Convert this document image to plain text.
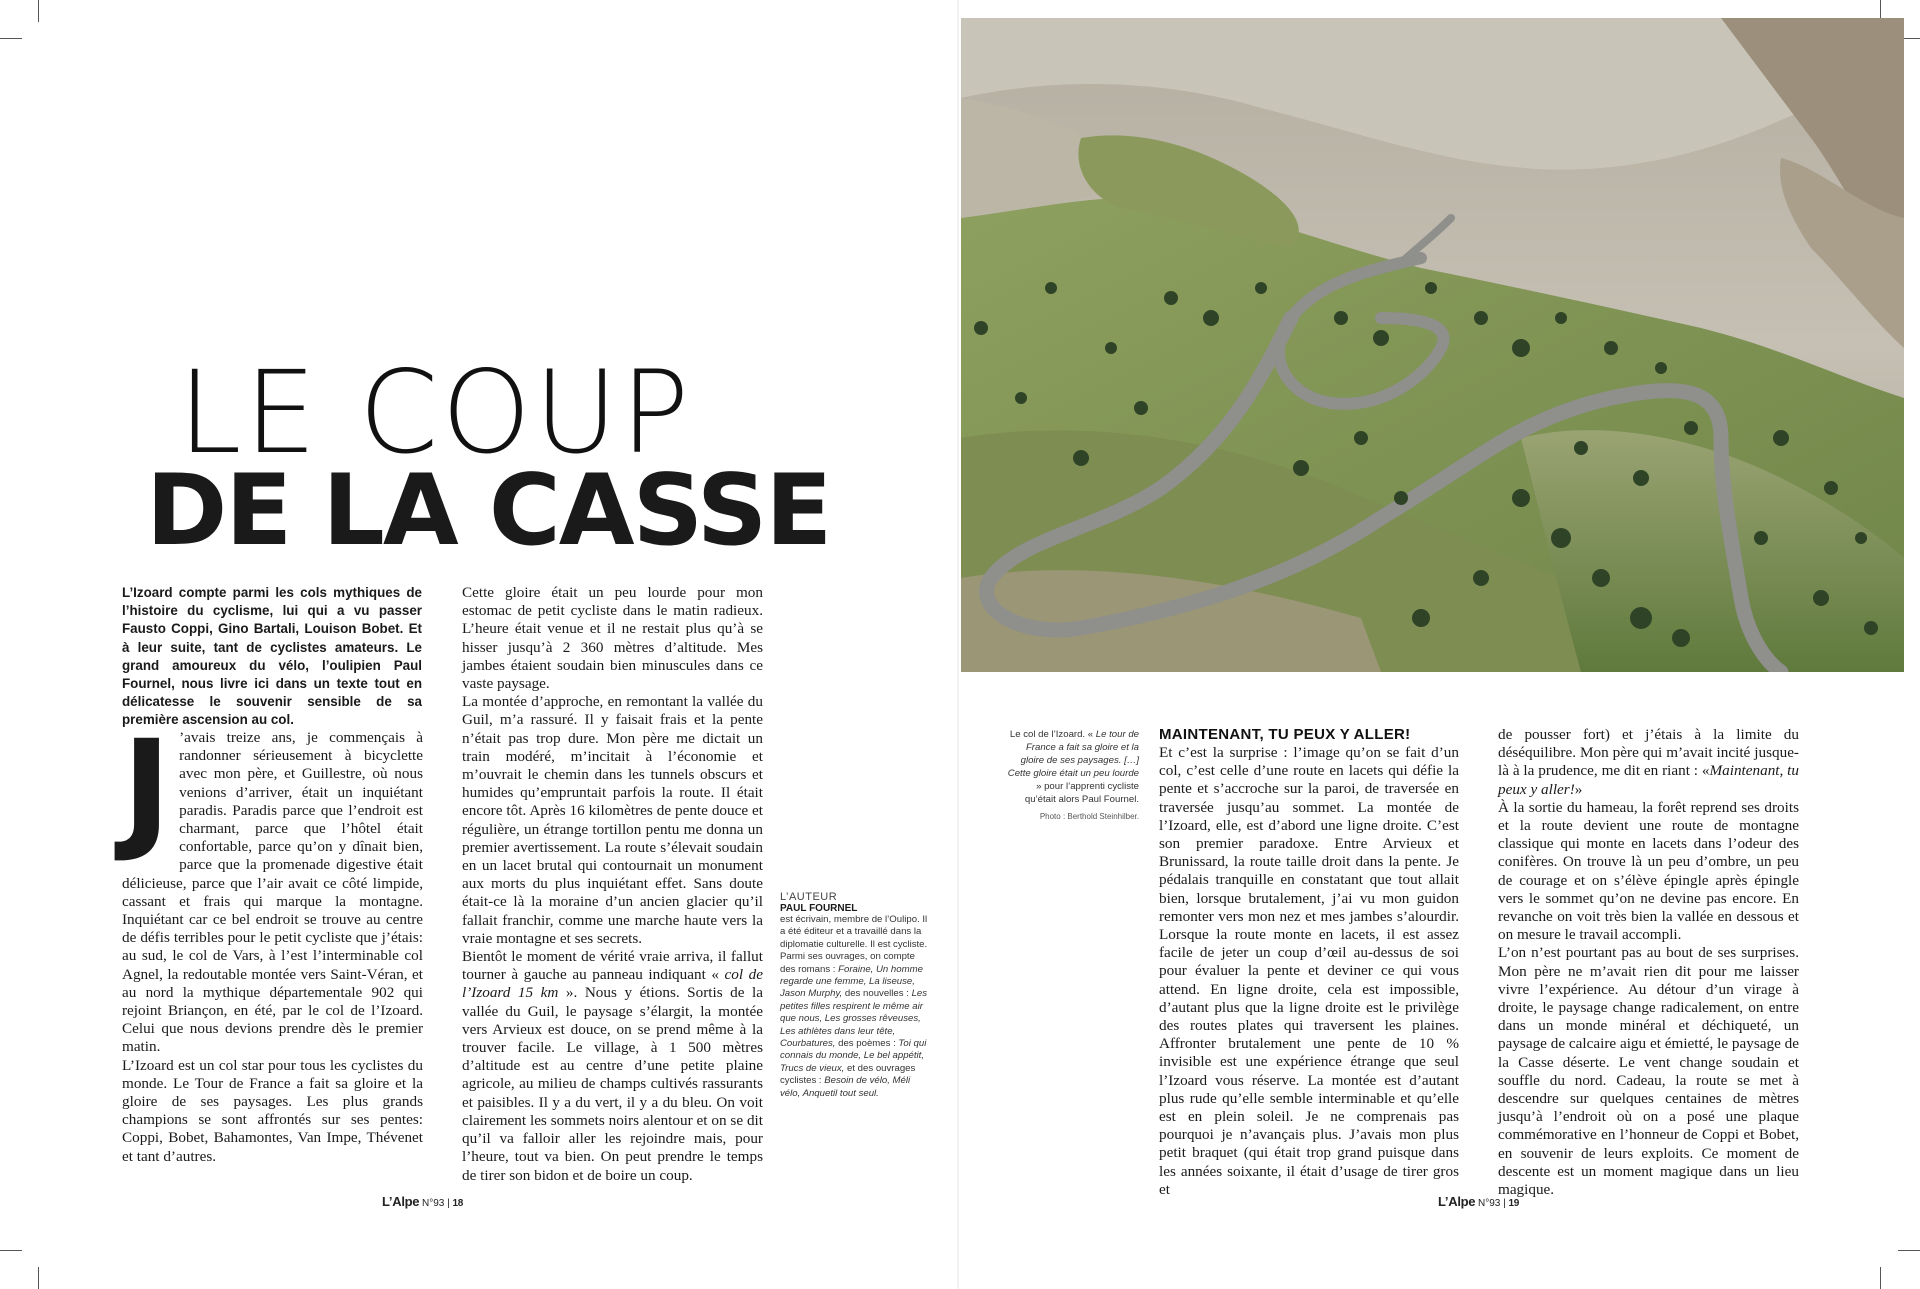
LE COUP
DE LA CASSE
L’Izoard compte parmi les cols mythiques de l’histoire du cyclisme, lui qui a vu passer Fausto Coppi, Gino Bartali, Louison Bobet. Et à leur suite, tant de cyclistes amateurs. Le grand amoureux du vélo, l’oulipien Paul Fournel, nous livre ici dans un texte tout en délicatesse le souvenir sensible de sa première ascension au col.

J ’avais treize ans, je commençais à randonner sérieusement à bicyclette avec mon père, et Guillestre, où nous venions d’arriver, était un inquiétant paradis. Paradis parce que l’endroit est charmant, parce que l’hôtel était confortable, parce qu’on y dînait bien, parce que la promenade digestive était délicieuse, parce que l’air avait ce côté limpide, cassant et frais qui marque la montagne. Inquiétant car ce bel endroit se trouve au centre de défis terribles pour le petit cycliste que j’étais: au sud, le col de Vars, à l’est l’interminable col Agnel, la redoutable montée vers Saint-Véran, et au nord la mythique départementale 902 qui rejoint Briançon, en été, par le col de l’Izoard. Celui que nous devions prendre dès le premier matin.

L’Izoard est un col star pour tous les cyclistes du monde. Le Tour de France a fait sa gloire et la gloire de ses paysages. Les plus grands champions se sont affrontés sur ses pentes: Coppi, Bobet, Bahamontes, Van Impe, Thévenet et tant d’autres.

Cette gloire était un peu lourde pour mon estomac de petit cycliste dans le matin radieux. L’heure était venue et il ne restait plus qu’à se hisser jusqu’à 2 360 mètres d’altitude. Mes jambes étaient soudain bien minuscules dans ce vaste paysage.

La montée d’approche, en remontant la vallée du Guil, m’a rassuré. Il y faisait frais et la pente n’était pas trop dure. Mon père me dictait un train modéré, m’incitait à l’économie et m’ouvrait le chemin dans les tunnels obscurs et humides qu’empruntait parfois la route. Il était encore tôt. Après 16 kilomètres de pente douce et régulière, un étrange tortillon pentu me donna un premier avertissement. La route s’élevait soudain en un lacet brutal qui contournait un monument aux morts du plus inquiétant effet. Sans doute était-ce là la moraine d’un ancien glacier qu’il fallait franchir, comme une marche haute vers la vraie montagne et ses secrets.

Bientôt le moment de vérité vraie arriva, il fallut tourner à gauche au panneau indiquant « col de l’Izoard 15 km ». Nous y étions. Sortis de la vallée du Guil, le paysage s’élargit, la montée vers Arvieux est douce, on se prend même à la trouver facile. Le village, à 1 500 mètres d’altitude est au centre d’une petite plaine agricole, au milieu de champs cultivés rassurants et paisibles. Il y a du vert, il y a du bleu. On voit clairement les sommets noirs alentour et on se dit qu’il va falloir aller les rejoindre mais, pour l’heure, tout va bien. On peut prendre le temps de tirer son bidon et de boire un coup.

L’AUTEUR
PAUL FOURNEL
est écrivain, membre de l’Oulipo. Il a été éditeur et a travaillé dans la diplomatie culturelle. Il est cycliste. Parmi ses ouvrages, on compte des romans : Foraine, Un homme regarde une femme, La liseuse, Jason Murphy, des nouvelles : Les petites filles respirent le même air que nous, Les grosses rêveuses, Les athlètes dans leur tête, Courbatures, des poèmes : Toi qui connais du monde, Le bel appétit, Trucs de vieux, et des ouvrages cyclistes : Besoin de vélo, Méli vélo, Anquetil tout seul.
L’Alpe N°93 | 18
Le col de l’Izoard. « Le tour de France a fait sa gloire et la gloire de ses paysages. […] Cette gloire était un peu lourde » pour l’apprenti cycliste qu’était alors Paul Fournel.
Photo : Berthold Steinhilber.
MAINTENANT, TU PEUX Y ALLER!

Et c’est la surprise : l’image qu’on se fait d’un col, c’est celle d’une route en lacets qui défie la pente et s’accroche sur la paroi, de traversée en traversée jusqu’au sommet. La montée de l’Izoard, elle, est d’abord une ligne droite. C’est son premier paradoxe. Entre Arvieux et Brunissard, la route taille droit dans la pente. Je pédalais tranquille en constatant que tout allait bien, lorsque brutalement, j’ai vu mon guidon remonter vers mon nez et mes jambes s’alourdir. Lorsque la route monte en lacets, il est assez facile de jeter un coup d’œil au-dessus de soi pour évaluer la pente et deviner ce qui vous attend. En ligne droite, cela est impossible, d’autant plus que la ligne droite est le privilège des routes plates qui traversent les plaines. Affronter brutalement une pente de 10 % invisible est une expérience étrange que seul l’Izoard vous réserve. La montée est d’autant plus rude qu’elle semble interminable et qu’elle est en plein soleil. Je ne comprenais pas pourquoi je n’avançais plus. J’avais mon plus petit braquet (qui était trop grand puisque dans les années soixante, il était d’usage de tirer gros et

de pousser fort) et j’étais à la limite du déséquilibre. Mon père qui m’avait incité jusque-là à la prudence, me dit en riant : «Maintenant, tu peux y aller!»

À la sortie du hameau, la forêt reprend ses droits et la route devient une route de montagne classique qui monte en lacets dans l’odeur des conifères. On trouve là un peu d’ombre, un peu de courage et on s’élève épingle après épingle vers le sommet qu’on ne devine pas encore. En revanche on voit très bien la vallée en dessous et on mesure le travail accompli.

L’on n’est pourtant pas au bout de ses surprises. Mon père ne m’avait rien dit pour me laisser vivre l’expérience. Au détour d’un virage à droite, le paysage change radicalement, on entre dans un monde minéral et déchiqueté, un paysage de calcaire aigu et émietté, le paysage de la Casse déserte. Le vent change soudain et souffle du nord. Cadeau, la route se met à descendre sur quelques centaines de mètres jusqu’à l’endroit où on a posé une plaque commémorative en l’honneur de Coppi et Bobet, en souvenir de leurs exploits. Ce moment de descente est un moment magique dans un lieu magique.

L’Alpe N°93 | 19
